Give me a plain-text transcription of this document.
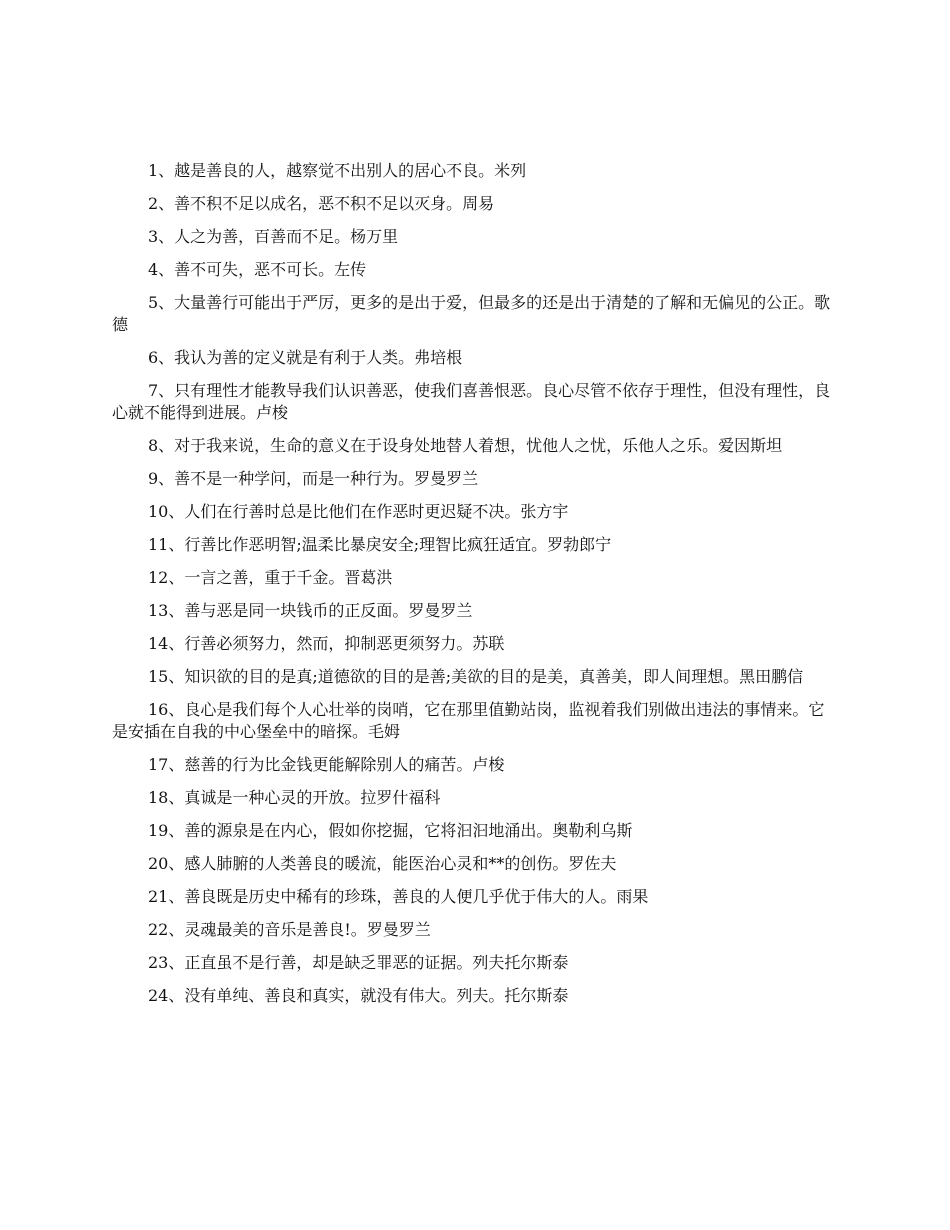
1、越是善良的人，越察觉不出别人的居心不良。米列

2、善不积不足以成名，恶不积不足以灭身。周易

3、人之为善，百善而不足。杨万里

4、善不可失，恶不可长。左传

5、大量善行可能出于严厉，更多的是出于爱，但最多的还是出于清楚的了解和无偏见的公正。歌德

6、我认为善的定义就是有利于人类。弗培根

7、只有理性才能教导我们认识善恶，使我们喜善恨恶。良心尽管不依存于理性，但没有理性，良心就不能得到进展。卢梭

8、对于我来说，生命的意义在于设身处地替人着想，忧他人之忧，乐他人之乐。爱因斯坦

9、善不是一种学问，而是一种行为。罗曼罗兰

10、人们在行善时总是比他们在作恶时更迟疑不决。张方宇

11、行善比作恶明智;温柔比暴戾安全;理智比疯狂适宜。罗勃郎宁

12、一言之善，重于千金。晋葛洪

13、善与恶是同一块钱币的正反面。罗曼罗兰

14、行善必须努力，然而，抑制恶更须努力。苏联

15、知识欲的目的是真;道德欲的目的是善;美欲的目的是美，真善美，即人间理想。黑田鹏信

16、良心是我们每个人心壮举的岗哨，它在那里值勤站岗，监视着我们别做出违法的事情来。它是安插在自我的中心堡垒中的暗探。毛姆

17、慈善的行为比金钱更能解除别人的痛苦。卢梭

18、真诚是一种心灵的开放。拉罗什福科

19、善的源泉是在内心，假如你挖掘，它将汩汩地涌出。奥勒利乌斯

20、感人肺腑的人类善良的暖流，能医治心灵和**的创伤。罗佐夫

21、善良既是历史中稀有的珍珠，善良的人便几乎优于伟大的人。雨果

22、灵魂最美的音乐是善良!。罗曼罗兰

23、正直虽不是行善，却是缺乏罪恶的证据。列夫托尔斯泰

24、没有单纯、善良和真实，就没有伟大。列夫。托尔斯泰
